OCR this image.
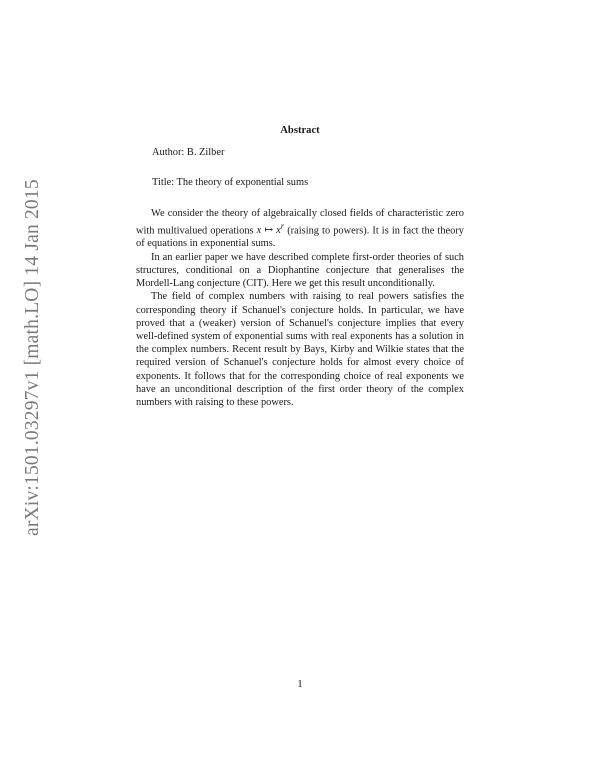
arXiv:1501.03297v1 [math.LO] 14 Jan 2015
Abstract
Author: B. Zilber
Title: The theory of exponential sums

We consider the theory of algebraically closed fields of characteristic zero with multivalued operations x ↦ $x^r$ (raising to powers). It is in fact the theory of equations in exponential sums.

In an earlier paper we have described complete first-order theories of such structures, conditional on a Diophantine conjecture that generalises the Mordell-Lang conjecture (CIT). Here we get this result unconditionally.

The field of complex numbers with raising to real powers satisfies the corresponding theory if Schanuel's conjecture holds. In particular, we have proved that a (weaker) version of Schanuel's conjecture implies that every well-defined system of exponential sums with real exponents has a solution in the complex numbers. Recent result by Bays, Kirby and Wilkie states that the required version of Schanuel's conjecture holds for almost every choice of exponents. It follows that for the corresponding choice of real exponents we have an unconditional description of the first order theory of the complex numbers with raising to these powers.

1
